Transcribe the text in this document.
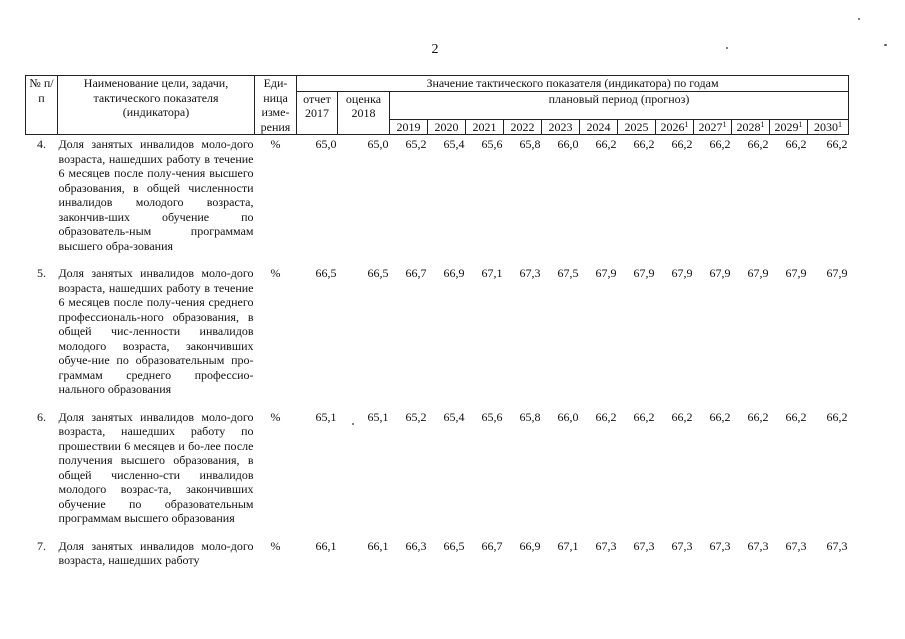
2
№ п/п	Наименование цели, задачи, тактического показателя (индикатора)	Еди-ница изме-рения	Значение тактического показателя (индикатора) по годам													
			отчет 2017	оценка 2018	плановый период (прогноз)											
					2019	2020	2021	2022	2023	2024	2025	2026$^1$	2027$^1$	2028$^1$	2029$^1$	2030$^1$
4.	Доля занятых инвалидов моло-дого возраста, нашедших работу в течение 6 месяцев после полу-чения высшего образования, в общей численности инвалидов молодого возраста, закончив-ших обучение по образователь-ным программам высшего обра-зования	%	65,0	65,0	65,2	65,4	65,6	65,8	66,0	66,2	66,2	66,2	66,2	66,2	66,2	66,2
5.	Доля занятых инвалидов моло-дого возраста, нашедших работу в течение 6 месяцев после полу-чения среднего профессиональ-ного образования, в общей чис-ленности инвалидов молодого возраста, закончивших обуче-ние по образовательным про-граммам среднего профессио-нального образования	%	66,5	66,5	66,7	66,9	67,1	67,3	67,5	67,9	67,9	67,9	67,9	67,9	67,9	67,9
6.	Доля занятых инвалидов моло-дого возраста, нашедших работу по прошествии 6 месяцев и бо-лее после получения высшего образования, в общей численно-сти инвалидов молодого возрас-та, закончивших обучение по образовательным программам высшего образования	%	65,1	65,1	65,2	65,4	65,6	65,8	66,0	66,2	66,2	66,2	66,2	66,2	66,2	66,2
7.	Доля занятых инвалидов моло-дого возраста, нашедших работу	%	66,1	66,1	66,3	66,5	66,7	66,9	67,1	67,3	67,3	67,3	67,3	67,3	67,3	67,3
